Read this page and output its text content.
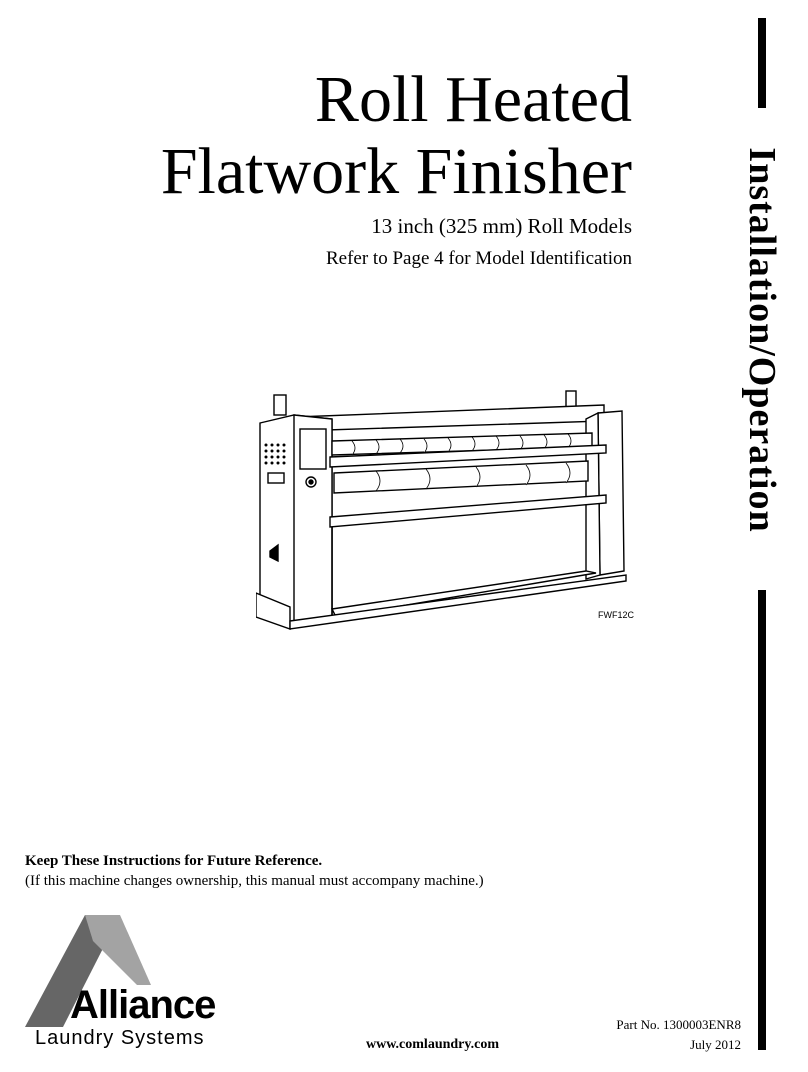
Roll Heated
Flatwork Finisher
13 inch (325 mm) Roll Models
Refer to Page 4 for Model Identification	Installation/Operation
FWF12C
Keep These Instructions for Future Reference.
(If this machine changes ownership, this manual must accompany machine.)
Alliance
Laundry Systems	www.comlaundry.com
Part No. 1300003ENR8
July 2012
